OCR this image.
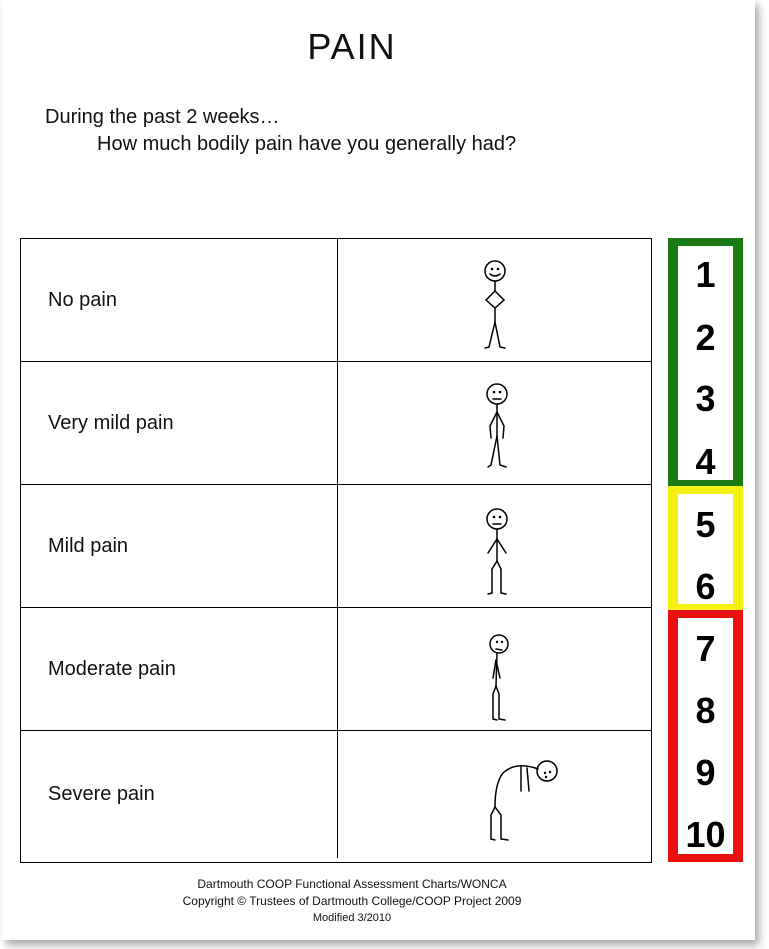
PAIN
During the past 2 weeks…
How much bodily pain have you generally had?
No pain
Very mild pain
Mild pain
Moderate pain
Severe pain
1
2
3
4
5
6
7
8
9
10
Dartmouth COOP Functional Assessment Charts/WONCA
Copyright © Trustees of Dartmouth College/COOP Project 2009
Modified 3/2010
